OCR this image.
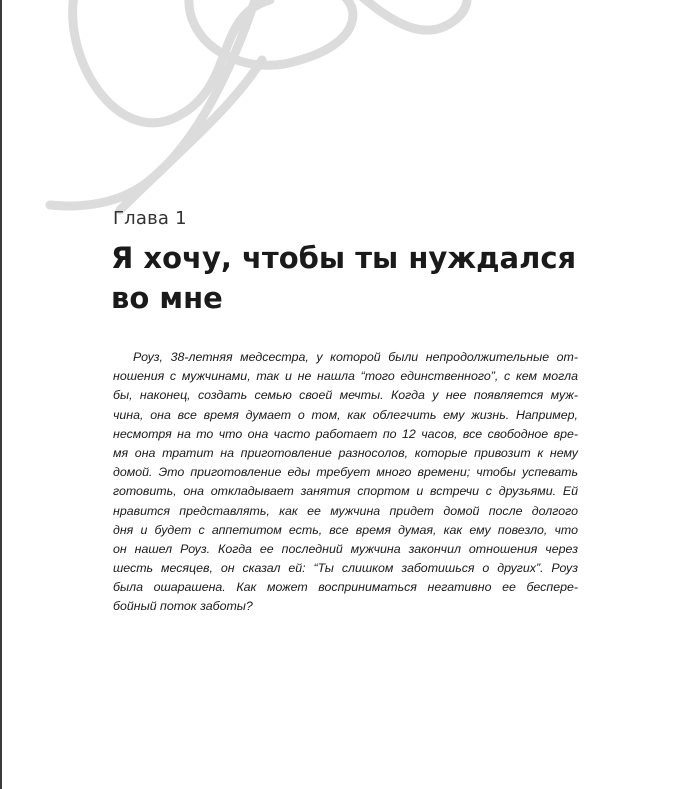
Глава 1
Я хочу, чтобы ты нуждался
во мне
Роуз, 38-летняя медсестра, у которой были непродолжительные от-
ношения с мужчинами, так и не нашла “того единственного”, с кем могла
бы, наконец, создать семью своей мечты. Когда у нее появляется муж-
чина, она все время думает о том, как облегчить ему жизнь. Например,
несмотря на то что она часто работает по 12 часов, все свободное вре-
мя она тратит на приготовление разносолов, которые привозит к нему
домой. Это приготовление еды требует много времени; чтобы успевать
готовить, она откладывает занятия спортом и встречи с друзьями. Ей
нравится представлять, как ее мужчина придет домой после долгого
дня и будет с аппетитом есть, все время думая, как ему повезло, что
он нашел Роуз. Когда ее последний мужчина закончил отношения через
шесть месяцев, он сказал ей: “Ты слишком заботишься о других”. Роуз
была ошарашена. Как может восприниматься негативно ее беспере-
бойный поток заботы?
